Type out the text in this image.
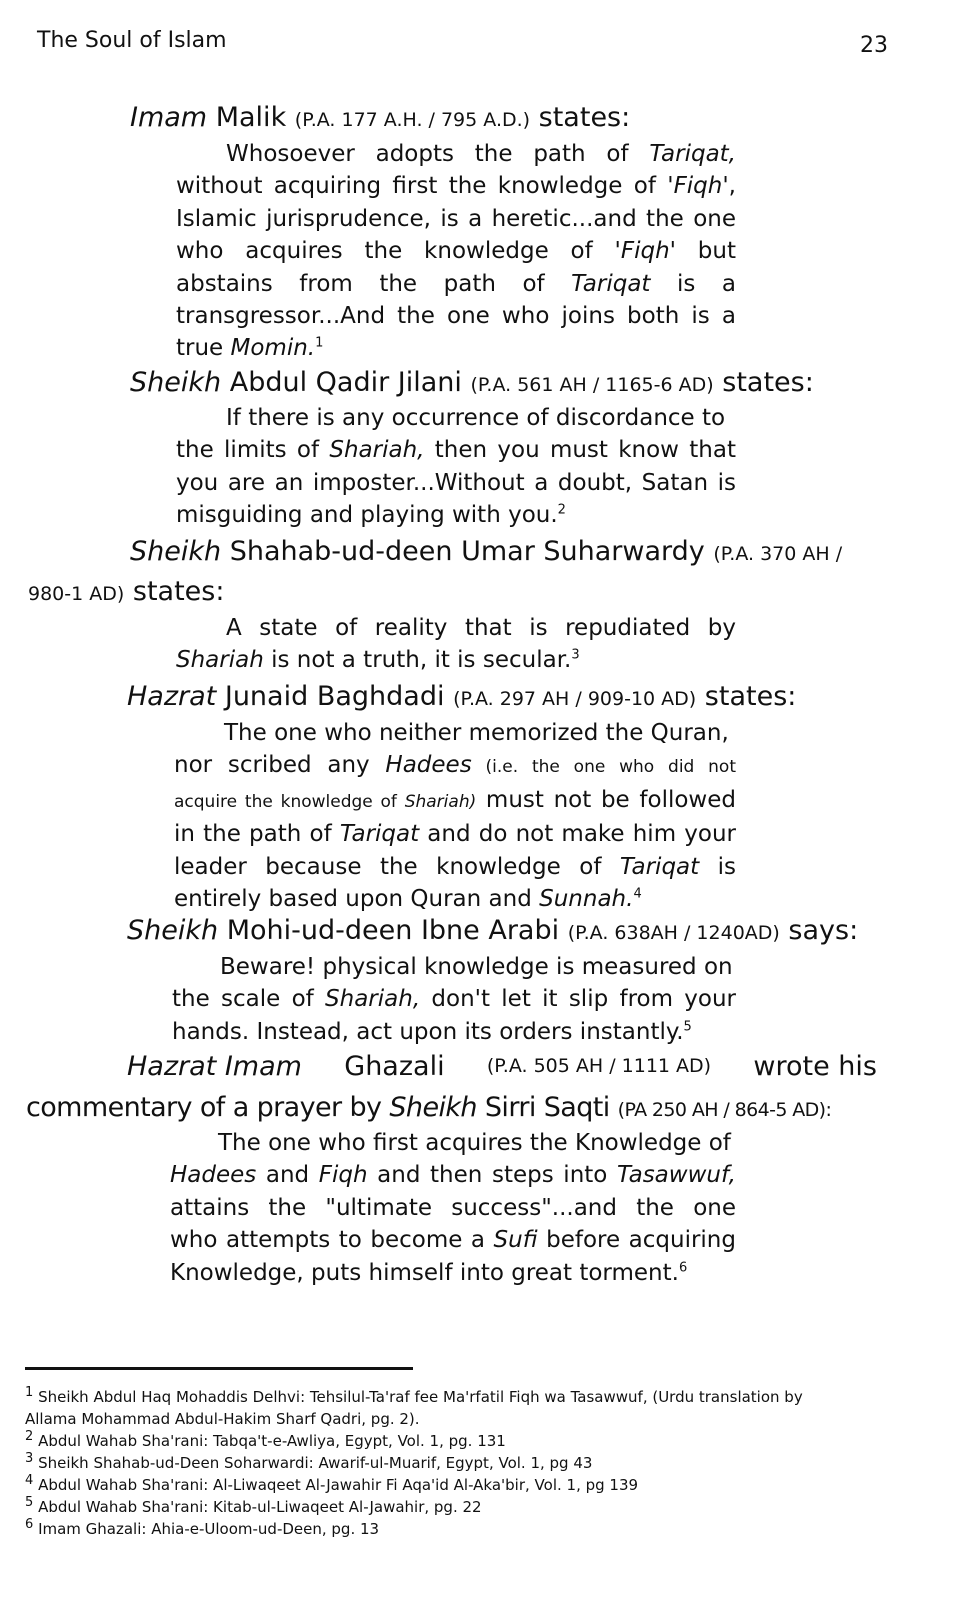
The Soul of Islam	23
Imam Malik (P.A. 177 A.H. / 795 A.D.) states:
Whosoever adopts the path of Tariqat,
without acquiring first the knowledge of 'Fiqh',
Islamic jurisprudence, is a heretic...and the one
who acquires the knowledge of 'Fiqh' but
abstains from the path of Tariqat is a
transgressor...And the one who joins both is a
true Momin.$^1$
Sheikh Abdul Qadir Jilani (P.A. 561 AH / 1165-6 AD) states:
If there is any occurrence of discordance to
the limits of Shariah, then you must know that
you are an imposter...Without a doubt, Satan is
misguiding and playing with you.$^2$
Sheikh Shahab-ud-deen Umar Suharwardy (P.A. 370 AH /
980-1 AD) states:
A state of reality that is repudiated by
Shariah is not a truth, it is secular.$^3$
Hazrat Junaid Baghdadi (P.A. 297 AH / 909-10 AD) states:
The one who neither memorized the Quran,
nor scribed any Hadees (i.e. the one who did not
acquire the knowledge of Shariah) must not be followed
in the path of Tariqat and do not make him your
leader because the knowledge of Tariqat is
entirely based upon Quran and Sunnah.$^4$
Sheikh Mohi-ud-deen Ibne Arabi (P.A. 638AH / 1240AD) says:
Beware! physical knowledge is measured on
the scale of Shariah, don't let it slip from your
hands. Instead, act upon its orders instantly.$^5$
Hazrat Imam Ghazali (P.A. 505 AH / 1111 AD) wrote his
commentary of a prayer by Sheikh Sirri Saqti (PA 250 AH / 864-5 AD):
The one who first acquires the Knowledge of
Hadees and Fiqh and then steps into Tasawwuf,
attains the "ultimate success"...and the one
who attempts to become a Sufi before acquiring
Knowledge, puts himself into great torment.$^6$
$^1$ Sheikh Abdul Haq Mohaddis Delhvi: Tehsilul-Ta'raf fee Ma'rfatil Fiqh wa Tasawwuf, (Urdu translation by
Allama Mohammad Abdul-Hakim Sharf Qadri, pg. 2).
$^2$ Abdul Wahab Sha'rani: Tabqa't-e-Awliya, Egypt, Vol. 1, pg. 131
$^3$ Sheikh Shahab-ud-Deen Soharwardi: Awarif-ul-Muarif, Egypt, Vol. 1, pg 43
$^4$ Abdul Wahab Sha'rani: Al-Liwaqeet Al-Jawahir Fi Aqa'id Al-Aka'bir, Vol. 1, pg 139
$^5$ Abdul Wahab Sha'rani: Kitab-ul-Liwaqeet Al-Jawahir, pg. 22
$^6$ Imam Ghazali: Ahia-e-Uloom-ud-Deen, pg. 13
